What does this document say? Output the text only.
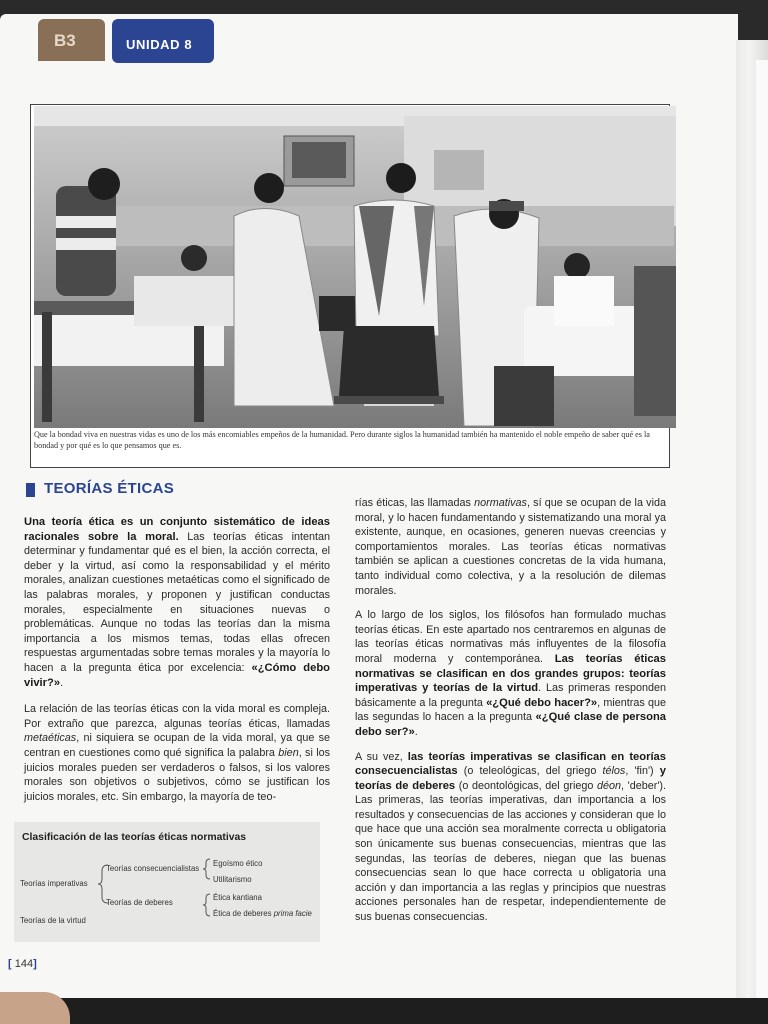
B3	UNIDAD 8
Que la bondad viva en nuestras vidas es uno de los más encomiables empeños de la humanidad. Pero durante siglos la humanidad también ha mantenido el noble empeño de saber qué es la bondad y por qué es lo que pensamos que es.
TEORÍAS ÉTICAS

Una teoría ética es un conjunto sistemático de ideas racionales sobre la moral. Las teorías éticas intentan determinar y fundamentar qué es el bien, la acción correcta, el deber y la virtud, así como la responsabilidad y el mérito morales, analizan cuestiones metaéticas como el significado de las palabras morales, y proponen y justifican conductas morales, especialmente en situaciones nuevas o problemáticas. Aunque no todas las teorías dan la misma importancia a los mismos temas, todas ellas ofrecen respuestas argumentadas sobre temas morales y la mayoría lo hacen a la pregunta ética por excelencia: «¿Cómo debo vivir?».

La relación de las teorías éticas con la vida moral es compleja. Por extraño que parezca, algunas teorías éticas, llamadas metaéticas, ni siquiera se ocupan de la vida moral, ya que se centran en cuestiones como qué significa la palabra bien, si los juicios morales pueden ser verdaderos o falsos, si los valores morales son objetivos o subjetivos, cómo se justifican los juicios morales, etc. Sin embargo, la mayoría de teo-

rías éticas, las llamadas normativas, sí que se ocupan de la vida moral, y lo hacen fundamentando y sistematizando una moral ya existente, aunque, en ocasiones, generen nuevas creencias y comportamientos morales. Las teorías éticas normativas también se aplican a cuestiones concretas de la vida humana, tanto individual como colectiva, y a la resolución de dilemas morales.

A lo largo de los siglos, los filósofos han formulado muchas teorías éticas. En este apartado nos centraremos en algunas de las teorías éticas normativas más influyentes de la filosofía moral moderna y contemporánea. Las teorías éticas normativas se clasifican en dos grandes grupos: teorías imperativas y teorías de la virtud. Las primeras responden básicamente a la pregunta «¿Qué debo hacer?», mientras que las segundas lo hacen a la pregunta «¿Qué clase de persona debo ser?».

A su vez, las teorías imperativas se clasifican en teorías consecuencialistas (o teleológicas, del griego télos, 'fin') y teorías de deberes (o deontológicas, del griego déon, 'deber'). Las primeras, las teorías imperativas, dan importancia a los resultados y consecuencias de las acciones y consideran que lo que hace que una acción sea moralmente correcta u obligatoria son únicamente sus buenas consecuencias, mientras que las segundas, las teorías de deberes, niegan que las buenas consecuencias sean lo que hace correcta u obligatoria una acción y dan importancia a las reglas y principios que nuestras acciones personales han de respetar, independientemente de sus buenas consecuencias.

Clasificación de las teorías éticas normativas
Teorías imperativas
Teorías de la virtud
Teorías consecuencialistas
Teorías de deberes
Egoísmo ético
Utilitarismo
Ética kantiana
Ética de deberes prima facie
[ 144]
